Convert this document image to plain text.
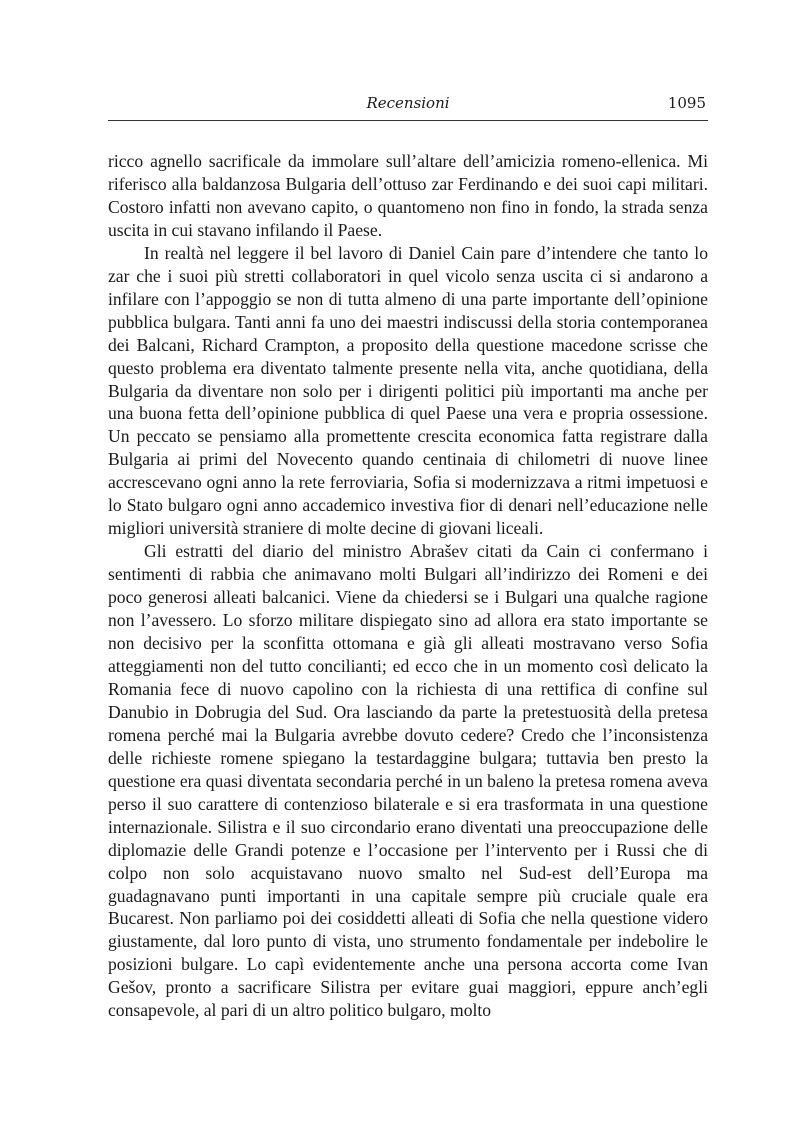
Recensioni	1095

ricco agnello sacrificale da immolare sull’altare dell’amicizia romeno-ellenica. Mi riferisco alla baldanzosa Bulgaria dell’ottuso zar Ferdinando e dei suoi capi militari. Costoro infatti non avevano capito, o quantomeno non fino in fondo, la strada senza uscita in cui stavano infilando il Paese.

In realtà nel leggere il bel lavoro di Daniel Cain pare d’intendere che tanto lo zar che i suoi più stretti collaboratori in quel vicolo senza uscita ci si andarono a infilare con l’appoggio se non di tutta almeno di una parte importante dell’opinione pubblica bulgara. Tanti anni fa uno dei maestri indiscussi della storia contemporanea dei Balcani, Richard Crampton, a proposito della questione macedone scrisse che questo problema era diventato talmente presente nella vita, anche quotidiana, della Bulgaria da diventare non solo per i dirigenti politici più importanti ma anche per una buona fetta dell’opinione pubblica di quel Paese una vera e propria ossessione. Un peccato se pensiamo alla promettente crescita economica fatta registrare dalla Bulgaria ai primi del Novecento quando centinaia di chilometri di nuove linee accrescevano ogni anno la rete ferroviaria, Sofia si modernizzava a ritmi impetuosi e lo Stato bulgaro ogni anno accademico investiva fior di denari nell’educazione nelle migliori università straniere di molte decine di giovani liceali.

Gli estratti del diario del ministro Abrašev citati da Cain ci confermano i sentimenti di rabbia che animavano molti Bulgari all’indirizzo dei Romeni e dei poco generosi alleati balcanici. Viene da chiedersi se i Bulgari una qualche ragione non l’avessero. Lo sforzo militare dispiegato sino ad allora era stato importante se non decisivo per la sconfitta ottomana e già gli alleati mostravano verso Sofia atteggiamenti non del tutto concilianti; ed ecco che in un momento così delicato la Romania fece di nuovo capolino con la richiesta di una rettifica di confine sul Danubio in Dobrugia del Sud. Ora lasciando da parte la pretestuosità della pretesa romena perché mai la Bulgaria avrebbe dovuto cedere? Credo che l’inconsistenza delle richieste romene spiegano la testardaggine bulgara; tuttavia ben presto la questione era quasi diventata secondaria perché in un baleno la pretesa romena aveva perso il suo carattere di contenzioso bilaterale e si era trasformata in una questione internazionale. Silistra e il suo circondario erano diventati una preoccupazione delle diplomazie delle Grandi potenze e l’occasione per l’intervento per i Russi che di colpo non solo acquistavano nuovo smalto nel Sud-est dell’Europa ma guadagnavano punti importanti in una capitale sempre più cruciale quale era Bucarest. Non parliamo poi dei cosiddetti alleati di Sofia che nella questione videro giustamente, dal loro punto di vista, uno strumento fondamentale per indebolire le posizioni bulgare. Lo capì evidentemente anche una persona accorta come Ivan Gešov, pronto a sacrificare Silistra per evitare guai maggiori, eppure anch’egli consapevole, al pari di un altro politico bulgaro, molto
